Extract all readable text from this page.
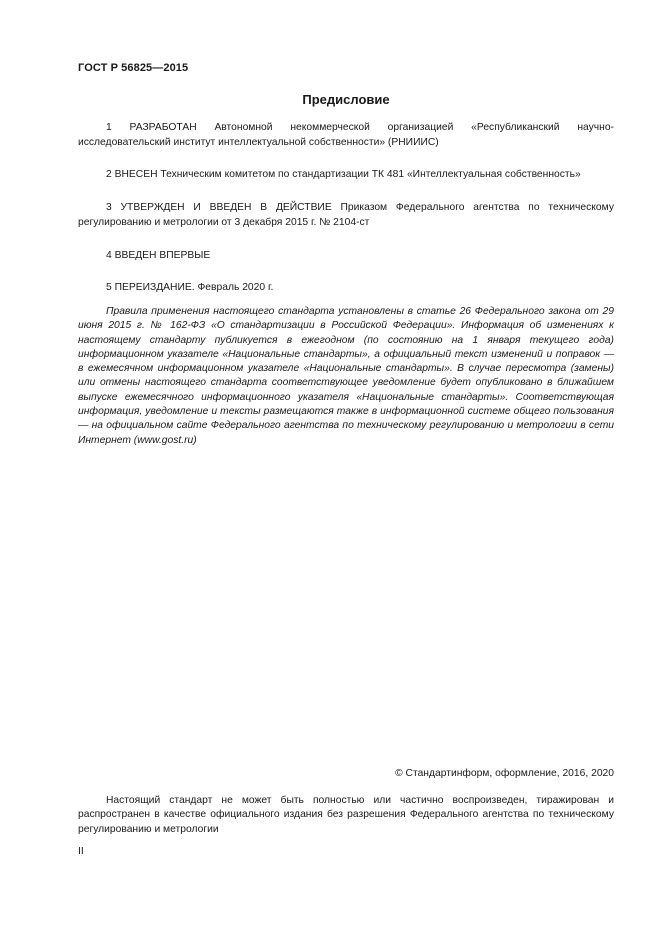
ГОСТ Р 56825—2015
Предисловие

1 РАЗРАБОТАН Автономной некоммерческой организацией «Республиканский научно-исследовательский институт интеллектуальной собственности» (РНИИИС)

2 ВНЕСЕН Техническим комитетом по стандартизации ТК 481 «Интеллектуальная собственность»

3 УТВЕРЖДЕН И ВВЕДЕН В ДЕЙСТВИЕ Приказом Федерального агентства по техническому регулированию и метрологии от 3 декабря 2015 г. № 2104-ст

4 ВВЕДЕН ВПЕРВЫЕ

5 ПЕРЕИЗДАНИЕ. Февраль 2020 г.

Правила применения настоящего стандарта установлены в статье 26 Федерального закона от 29 июня 2015 г. № 162-ФЗ «О стандартизации в Российской Федерации». Информация об изменениях к настоящему стандарту публикуется в ежегодном (по состоянию на 1 января текущего года) информационном указателе «Национальные стандарты», а официальный текст изменений и поправок — в ежемесячном информационном указателе «Национальные стандарты». В случае пересмотра (замены) или отмены настоящего стандарта соответствующее уведомление будет опубликовано в ближайшем выпуске ежемесячного информационного указателя «Национальные стандарты». Соответствующая информация, уведомление и тексты размещаются также в информационной системе общего пользования — на официальном сайте Федерального агентства по техническому регулированию и метрологии в сети Интернет (www.gost.ru)
© Стандартинформ, оформление, 2016, 2020
Настоящий стандарт не может быть полностью или частично воспроизведен, тиражирован и распространен в качестве официального издания без разрешения Федерального агентства по техническому регулированию и метрологии
II
